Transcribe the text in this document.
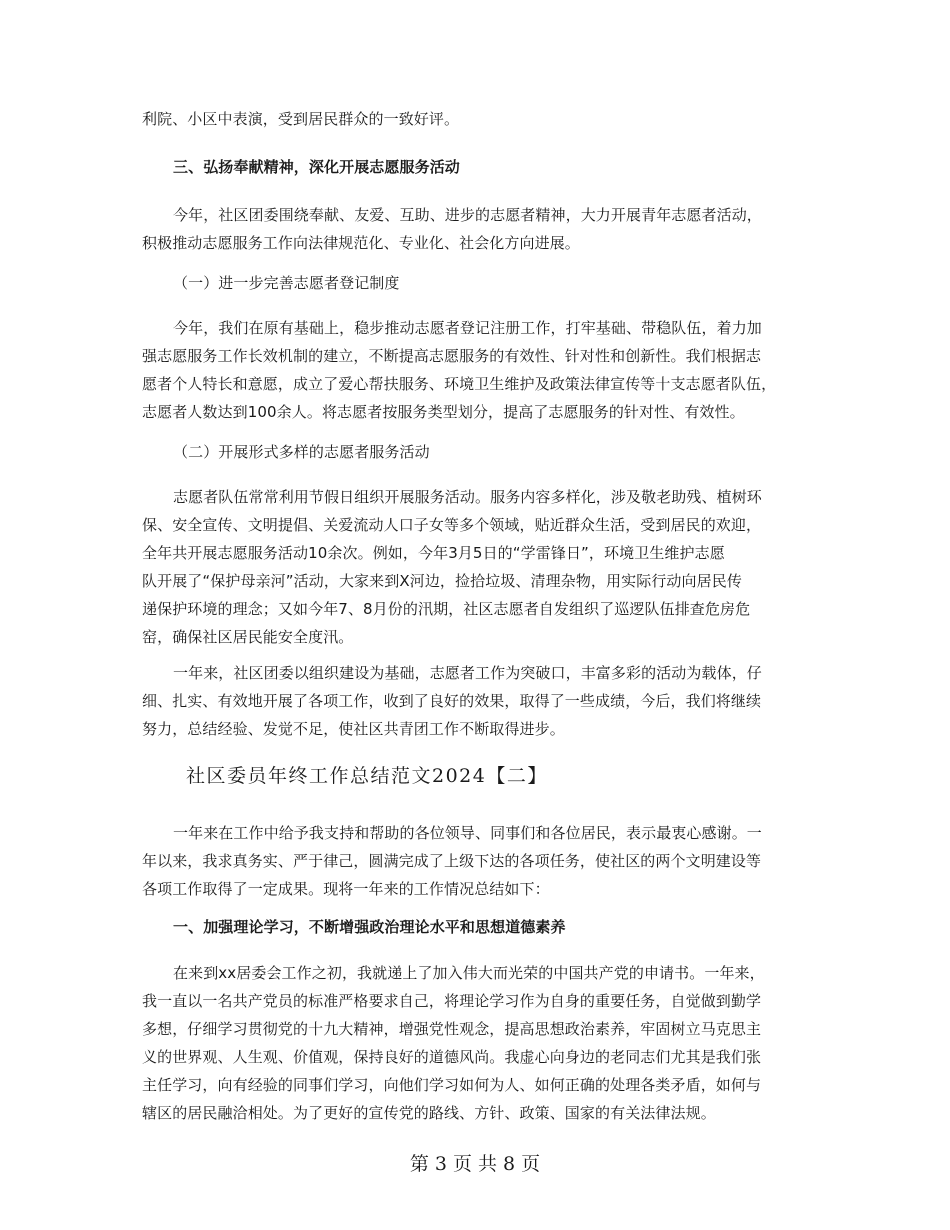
利院、小区中表演，受到居民群众的一致好评。
三、弘扬奉献精神，深化开展志愿服务活动
今年，社区团委围绕奉献、友爱、互助、进步的志愿者精神，大力开展青年志愿者活动，
积极推动志愿服务工作向法律规范化、专业化、社会化方向进展。
（一）进一步完善志愿者登记制度
今年，我们在原有基础上，稳步推动志愿者登记注册工作，打牢基础、带稳队伍，着力加
强志愿服务工作长效机制的建立，不断提高志愿服务的有效性、针对性和创新性。我们根据志
愿者个人特长和意愿，成立了爱心帮扶服务、环境卫生维护及政策法律宣传等十支志愿者队伍，
志愿者人数达到100余人。将志愿者按服务类型划分，提高了志愿服务的针对性、有效性。
（二）开展形式多样的志愿者服务活动
志愿者队伍常常利用节假日组织开展服务活动。服务内容多样化，涉及敬老助残、植树环
保、安全宣传、文明提倡、关爱流动人口子女等多个领域，贴近群众生活，受到居民的欢迎，
全年共开展志愿服务活动10余次。例如，今年3月5日的“学雷锋日”，环境卫生维护志愿
队开展了“保护母亲河”活动，大家来到X河边，捡拾垃圾、清理杂物，用实际行动向居民传
递保护环境的理念；又如今年7、8月份的汛期，社区志愿者自发组织了巡逻队伍排查危房危
窑，确保社区居民能安全度汛。
一年来，社区团委以组织建设为基础，志愿者工作为突破口，丰富多彩的活动为载体，仔
细、扎实、有效地开展了各项工作，收到了良好的效果，取得了一些成绩，今后，我们将继续
努力，总结经验、发觉不足，使社区共青团工作不断取得进步。
社区委员年终工作总结范文2024【二】
一年来在工作中给予我支持和帮助的各位领导、同事们和各位居民，表示最衷心感谢。一
年以来，我求真务实、严于律己，圆满完成了上级下达的各项任务，使社区的两个文明建设等
各项工作取得了一定成果。现将一年来的工作情况总结如下：
一、加强理论学习，不断增强政治理论水平和思想道德素养
在来到xx居委会工作之初，我就递上了加入伟大而光荣的中国共产党的申请书。一年来，
我一直以一名共产党员的标准严格要求自己，将理论学习作为自身的重要任务，自觉做到勤学
多想，仔细学习贯彻党的十九大精神，增强党性观念，提高思想政治素养，牢固树立马克思主
义的世界观、人生观、价值观，保持良好的道德风尚。我虚心向身边的老同志们尤其是我们张
主任学习，向有经验的同事们学习，向他们学习如何为人、如何正确的处理各类矛盾，如何与
辖区的居民融洽相处。为了更好的宣传党的路线、方针、政策、国家的有关法律法规。
第 3 页 共 8 页
